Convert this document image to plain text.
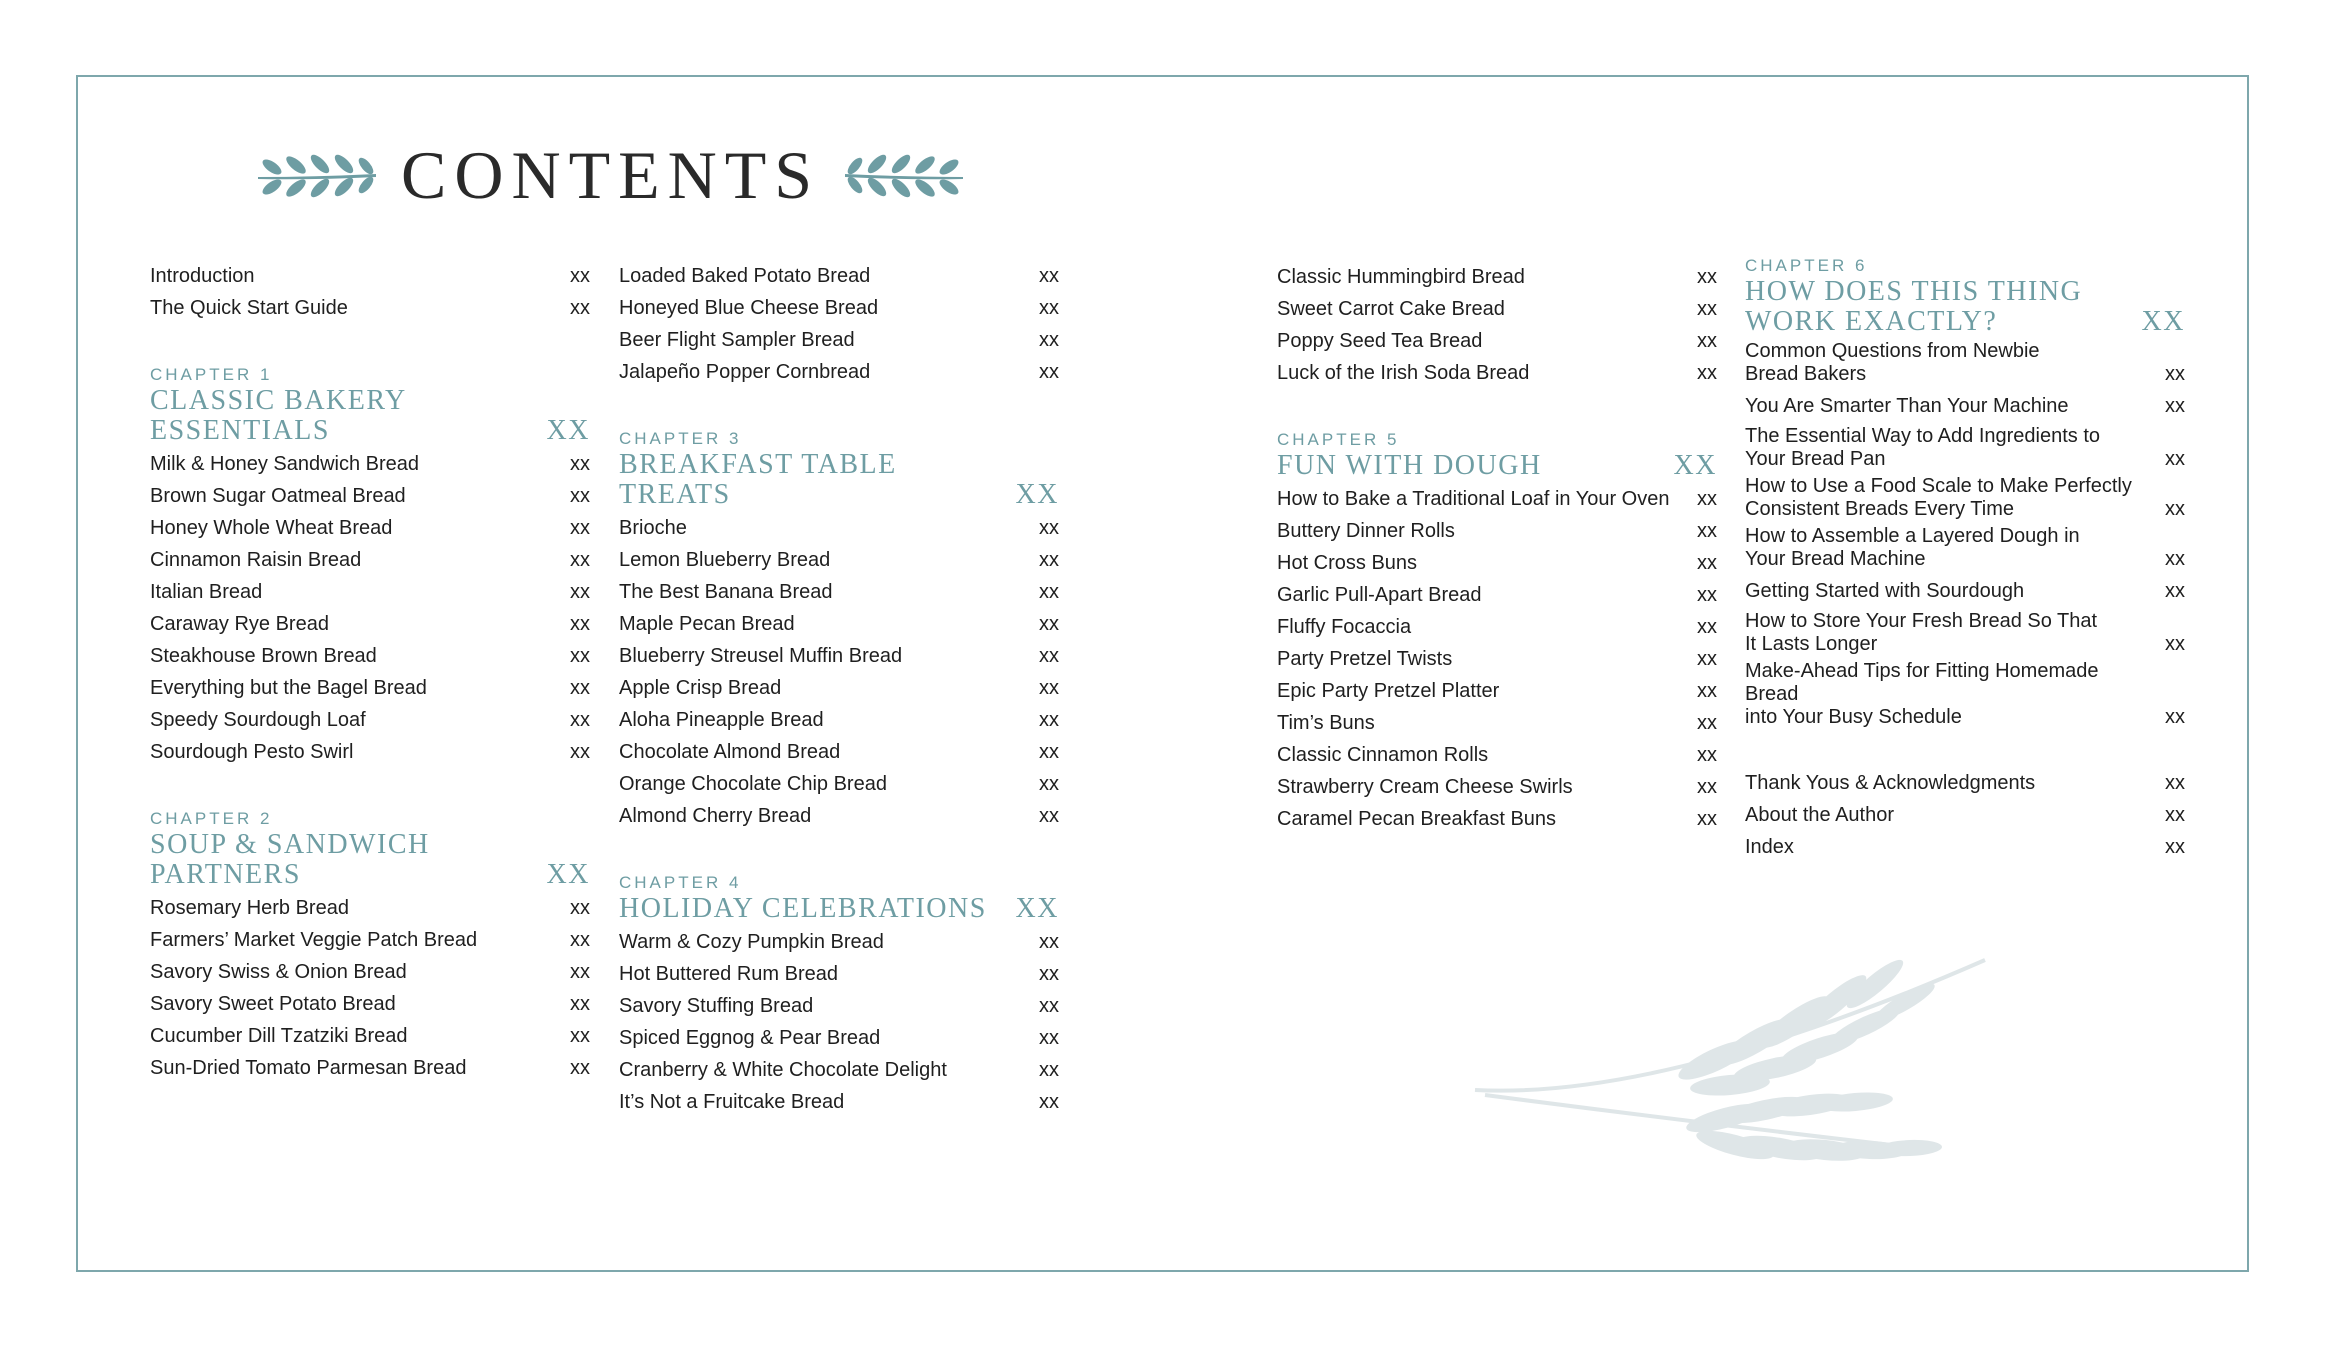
CONTENTS
Introduction	xx
The Quick Start Guide	xx
CHAPTER 1
CLASSIC BAKERY
ESSENTIALS	XX
Milk & Honey Sandwich Bread	xx
Brown Sugar Oatmeal Bread	xx
Honey Whole Wheat Bread	xx
Cinnamon Raisin Bread	xx
Italian Bread	xx
Caraway Rye Bread	xx
Steakhouse Brown Bread	xx
Everything but the Bagel Bread	xx
Speedy Sourdough Loaf	xx
Sourdough Pesto Swirl	xx
CHAPTER 2
SOUP & SANDWICH
PARTNERS	XX
Rosemary Herb Bread	xx
Farmers’ Market Veggie Patch Bread	xx
Savory Swiss & Onion Bread	xx
Savory Sweet Potato Bread	xx
Cucumber Dill Tzatziki Bread	xx
Sun-Dried Tomato Parmesan Bread	xx
Loaded Baked Potato Bread	xx
Honeyed Blue Cheese Bread	xx
Beer Flight Sampler Bread	xx
Jalapeño Popper Cornbread	xx
CHAPTER 3
BREAKFAST TABLE TREATS	XX
Brioche	xx
Lemon Blueberry Bread	xx
The Best Banana Bread	xx
Maple Pecan Bread	xx
Blueberry Streusel Muffin Bread	xx
Apple Crisp Bread	xx
Aloha Pineapple Bread	xx
Chocolate Almond Bread	xx
Orange Chocolate Chip Bread	xx
Almond Cherry Bread	xx
CHAPTER 4
HOLIDAY CELEBRATIONS XX
Warm & Cozy Pumpkin Bread	xx
Hot Buttered Rum Bread	xx
Savory Stuffing Bread	xx
Spiced Eggnog & Pear Bread	xx
Cranberry & White Chocolate Delight	xx
It’s Not a Fruitcake Bread	xx
Classic Hummingbird Bread	xx
Sweet Carrot Cake Bread	xx
Poppy Seed Tea Bread	xx
Luck of the Irish Soda Bread	xx
CHAPTER 5
FUN WITH DOUGH	XX
How to Bake a Traditional Loaf in Your Oven	xx
Buttery Dinner Rolls	xx
Hot Cross Buns	xx
Garlic Pull-Apart Bread	xx
Fluffy Focaccia	xx
Party Pretzel Twists	xx
Epic Party Pretzel Platter	xx
Tim’s Buns	xx
Classic Cinnamon Rolls	xx
Strawberry Cream Cheese Swirls	xx
Caramel Pecan Breakfast Buns	xx
CHAPTER 6
HOW DOES THIS THING
WORK EXACTLY?	XX
Common Questions from Newbie
Bread Bakers	xx
You Are Smarter Than Your Machine	xx
The Essential Way to Add Ingredients to
Your Bread Pan	xx
How to Use a Food Scale to Make Perfectly
Consistent Breads Every Time	xx
How to Assemble a Layered Dough in
Your Bread Machine	xx
Getting Started with Sourdough	xx
How to Store Your Fresh Bread So That
It Lasts Longer	xx
Make-Ahead Tips for Fitting Homemade Bread
into Your Busy Schedule	xx
Thank Yous & Acknowledgments	xx
About the Author	xx
Index	xx
